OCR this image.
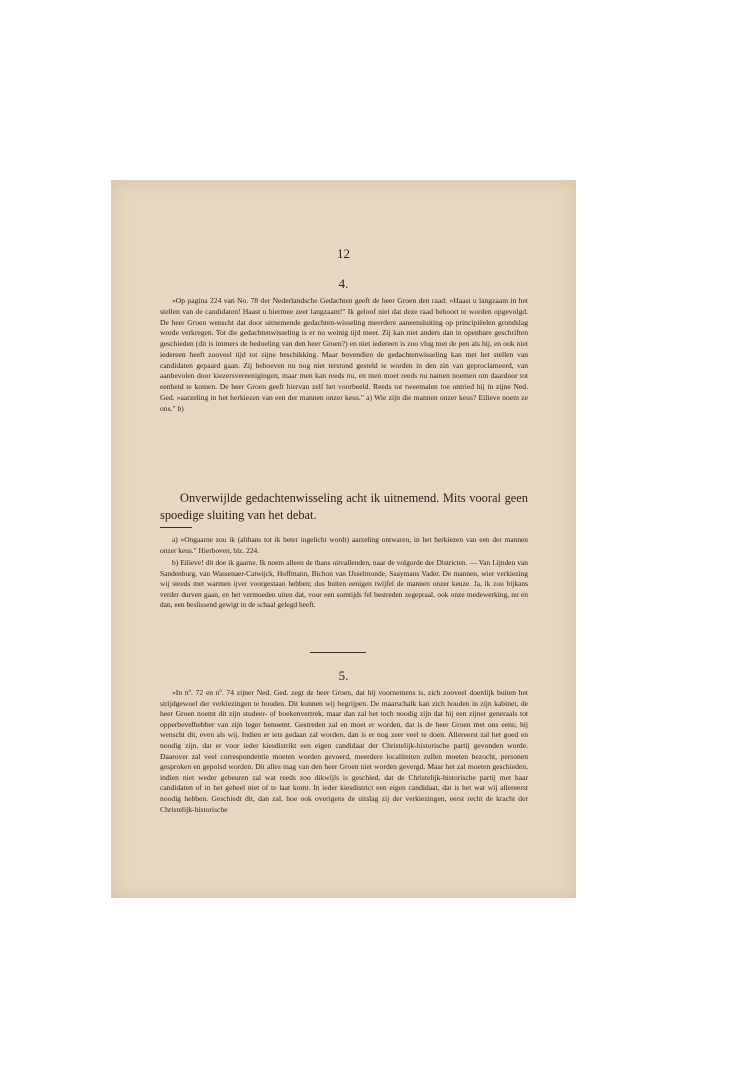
12
4.

»Op pagina 224 van No. 78 der Nederlandsche Gedachten geeft de heer Groen den raad: »Haast u langzaam in het stellen van de candidaten! Haast u hiermee zeer langzaam!" Ik geloof niet dat deze raad behoort te worden opgevolgd. De heer Groen wenscht dat door uitnemende gedachten-wisseling meerdere aaneensluiting op principiëelen grondslag worde verkregen. Tot die gedachtenwisseling is er nu weinig tijd meer. Zij kan niet anders dan in openbare geschriften geschieden (dit is immers de bedoeling van den heer Groen?) en niet iedereen is zoo vlug met de pen als hij, en ook niet iedereen heeft zooveel tijd tot zijne beschikking. Maar bovendien de gedachtenwisseling kan met het stellen van candidaten gepaard gaan. Zij behoeven nu nog niet terstond gesteld te worden in den zin van geproclameerd, van aanbevolen door kiezersvereenigingen, maar men kan reeds nu, en men moet reeds nu namen noemen om daardoor tot eenheid te komen. De heer Groen geeft hiervan zelf het voorbeeld. Reeds tot tweemalen toe ontried hij in zijne Ned. Ged. »aarzeling in het herkiezen van een der mannen onzer keus." a) Wie zijn die mannen onzer keus? Eilieve noem ze ons." b)

Onverwijlde gedachtenwisseling acht ik uitnemend. Mits vooral geen spoedige sluiting van het debat.

a) »Ongaarne zou ik (althans tot ik beter ingelicht wordt) aarzeling ontwaren, in het herkiezen van een der mannen onzer keus." Hierboven, blz. 224.

b) Eilieve! dit doe ik gaarne. Ik noem alleen de thans uitvallenden, naar de volgorde der Districten. — Van Lijnden van Sandenburg, van Wassenaer-Catwijck, Hoffmann, Bichon van IJsselmonde, Saaymans Vader. De mannen, wier verkiezing wij steeds met warmen ijver voorgestaan hebben; dus buiten eenigen twijfel de mannen onzer keuze. Ja, ik zou bijkans verder durven gaan, en het vermoeden uiten dat, voor een somtijds fel bestreden zegepraal, ook onze medewerking, nu en dan, een beslissend gewigt in de schaal gelegd heeft.

5.

»In nº. 72 en nº. 74 zijner Ned. Ged. zegt de heer Groen, dat hij voornemens is, zich zooveel doenlijk buiten het strijdgewoel der verkiezingen te houden. Dit kunnen wij begrijpen. De maarschalk kan zich houden in zijn kabinet, de heer Groen noemt dit zijn studeer- of boekenvertrek, maar dan zal het toch noodig zijn dat hij een zijner generaals tot opperbevelhebber van zijn leger benoemt. Gestreden zal en moet er worden, dat is de heer Groen met ons eens; hij wenscht dit, even als wij. Indien er iets gedaan zal worden, dan is er nog zeer veel te doen. Allereerst zal het goed en noodig zijn, dat er voor ieder kiesdistrikt een eigen candidaat der Christelijk-historische partij gevonden worde. Daarover zal veel correspondentie moeten worden gevoerd, meerdere localiteiten zullen moeten bezocht, personen gesproken en gepolsd worden. Dit alles mag van den heer Groen niet worden gevergd. Maar het zal moeten geschieden, indien niet weder gebeuren zal wat reeds zoo dikwijls is geschied, dat de Christelijk-historische partij met haar candidaten of in het geheel niet of te laat komt. In ieder kiesdistrict een eigen candidaat, dat is het wat wij allereerst noodig hebben. Geschiedt dit, dan zal, hoe ook overigens de uitslag zij der verkiezingen, eerst recht de kracht der Christelijk-historische
